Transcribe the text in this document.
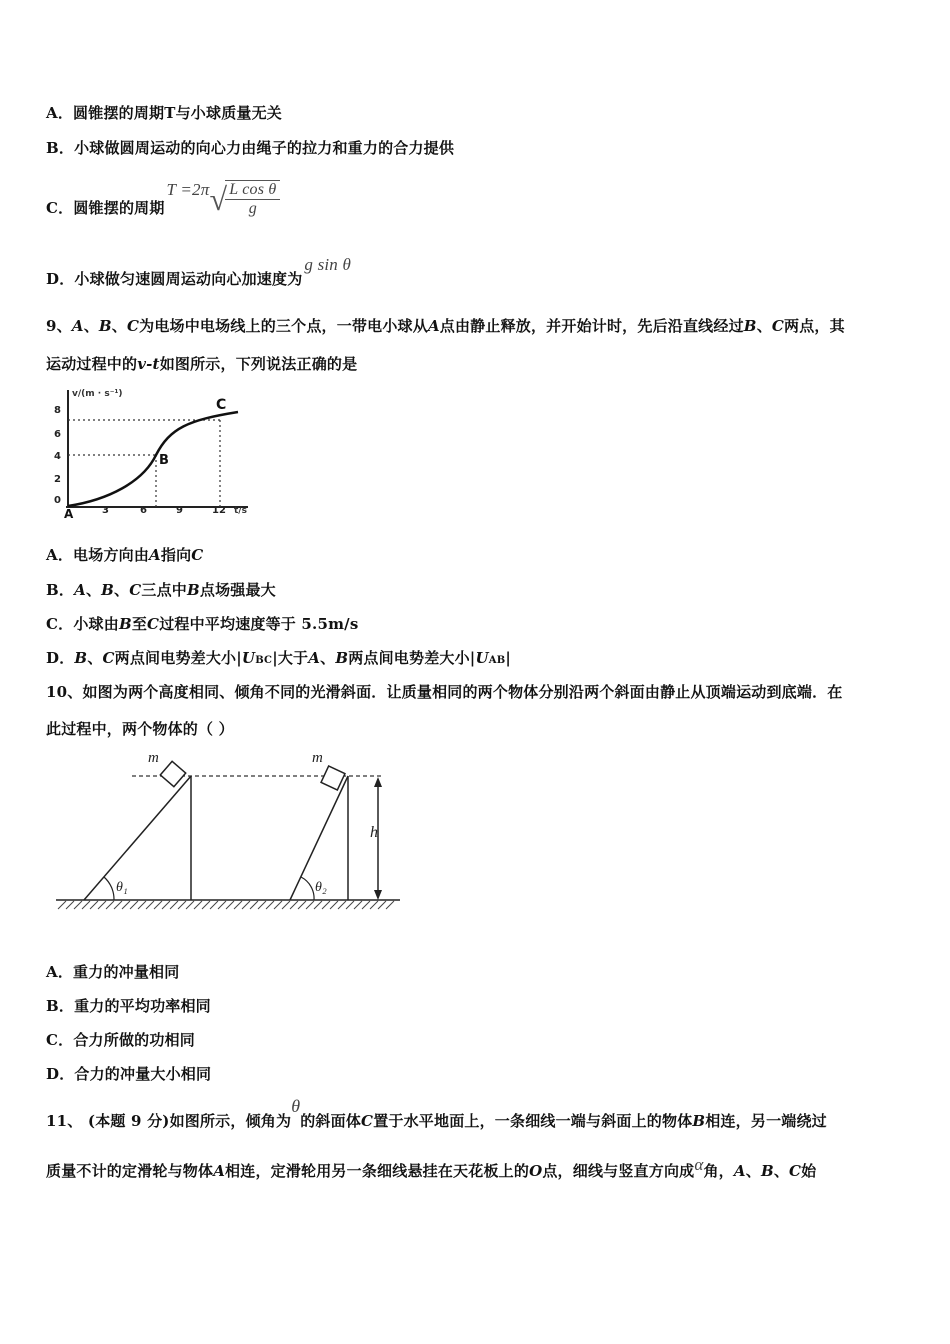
A．圆锥摆的周期T与小球质量无关
B．小球做圆周运动的向心力由绳子的拉力和重力的合力提供
C．圆锥摆的周期
T =2π √
$\frac{\text{L cos θ}}{g}$
D．小球做匀速圆周运动向心加速度为g sin θ
9、A、B、C为电场中电场线上的三个点，一带电小球从A点由静止释放，并开始计时，先后沿直线经过B、C两点，其
运动过程中的v-t如图所示，下列说法正确的是
v/(m · s⁻¹)
t/s
8
6
4
2
0
3	6	9	12
A
B
C
A．电场方向由A指向C
B．A、B、C三点中B点场强最大
C．小球由B至C过程中平均速度等于 5.5m/s
D．B、C两点间电势差大小|UBC|大于A、B两点间电势差大小|UAB|
10、如图为两个高度相同、倾角不同的光滑斜面．让质量相同的两个物体分别沿两个斜面由静止从顶端运动到底端．在
此过程中，两个物体的（ ）
m
θ₁
m
θ₂
h
A．重力的冲量相同
B．重力的平均功率相同
C．合力所做的功相同
D．合力的冲量大小相同
11、 (本题 9 分)如图所示，倾角为θ的斜面体C置于水平地面上，一条细线一端与斜面上的物体B相连，另一端绕过
质量不计的定滑轮与物体A相连，定滑轮用另一条细线悬挂在天花板上的O点，细线与竖直方向成α角，A、B、C始
